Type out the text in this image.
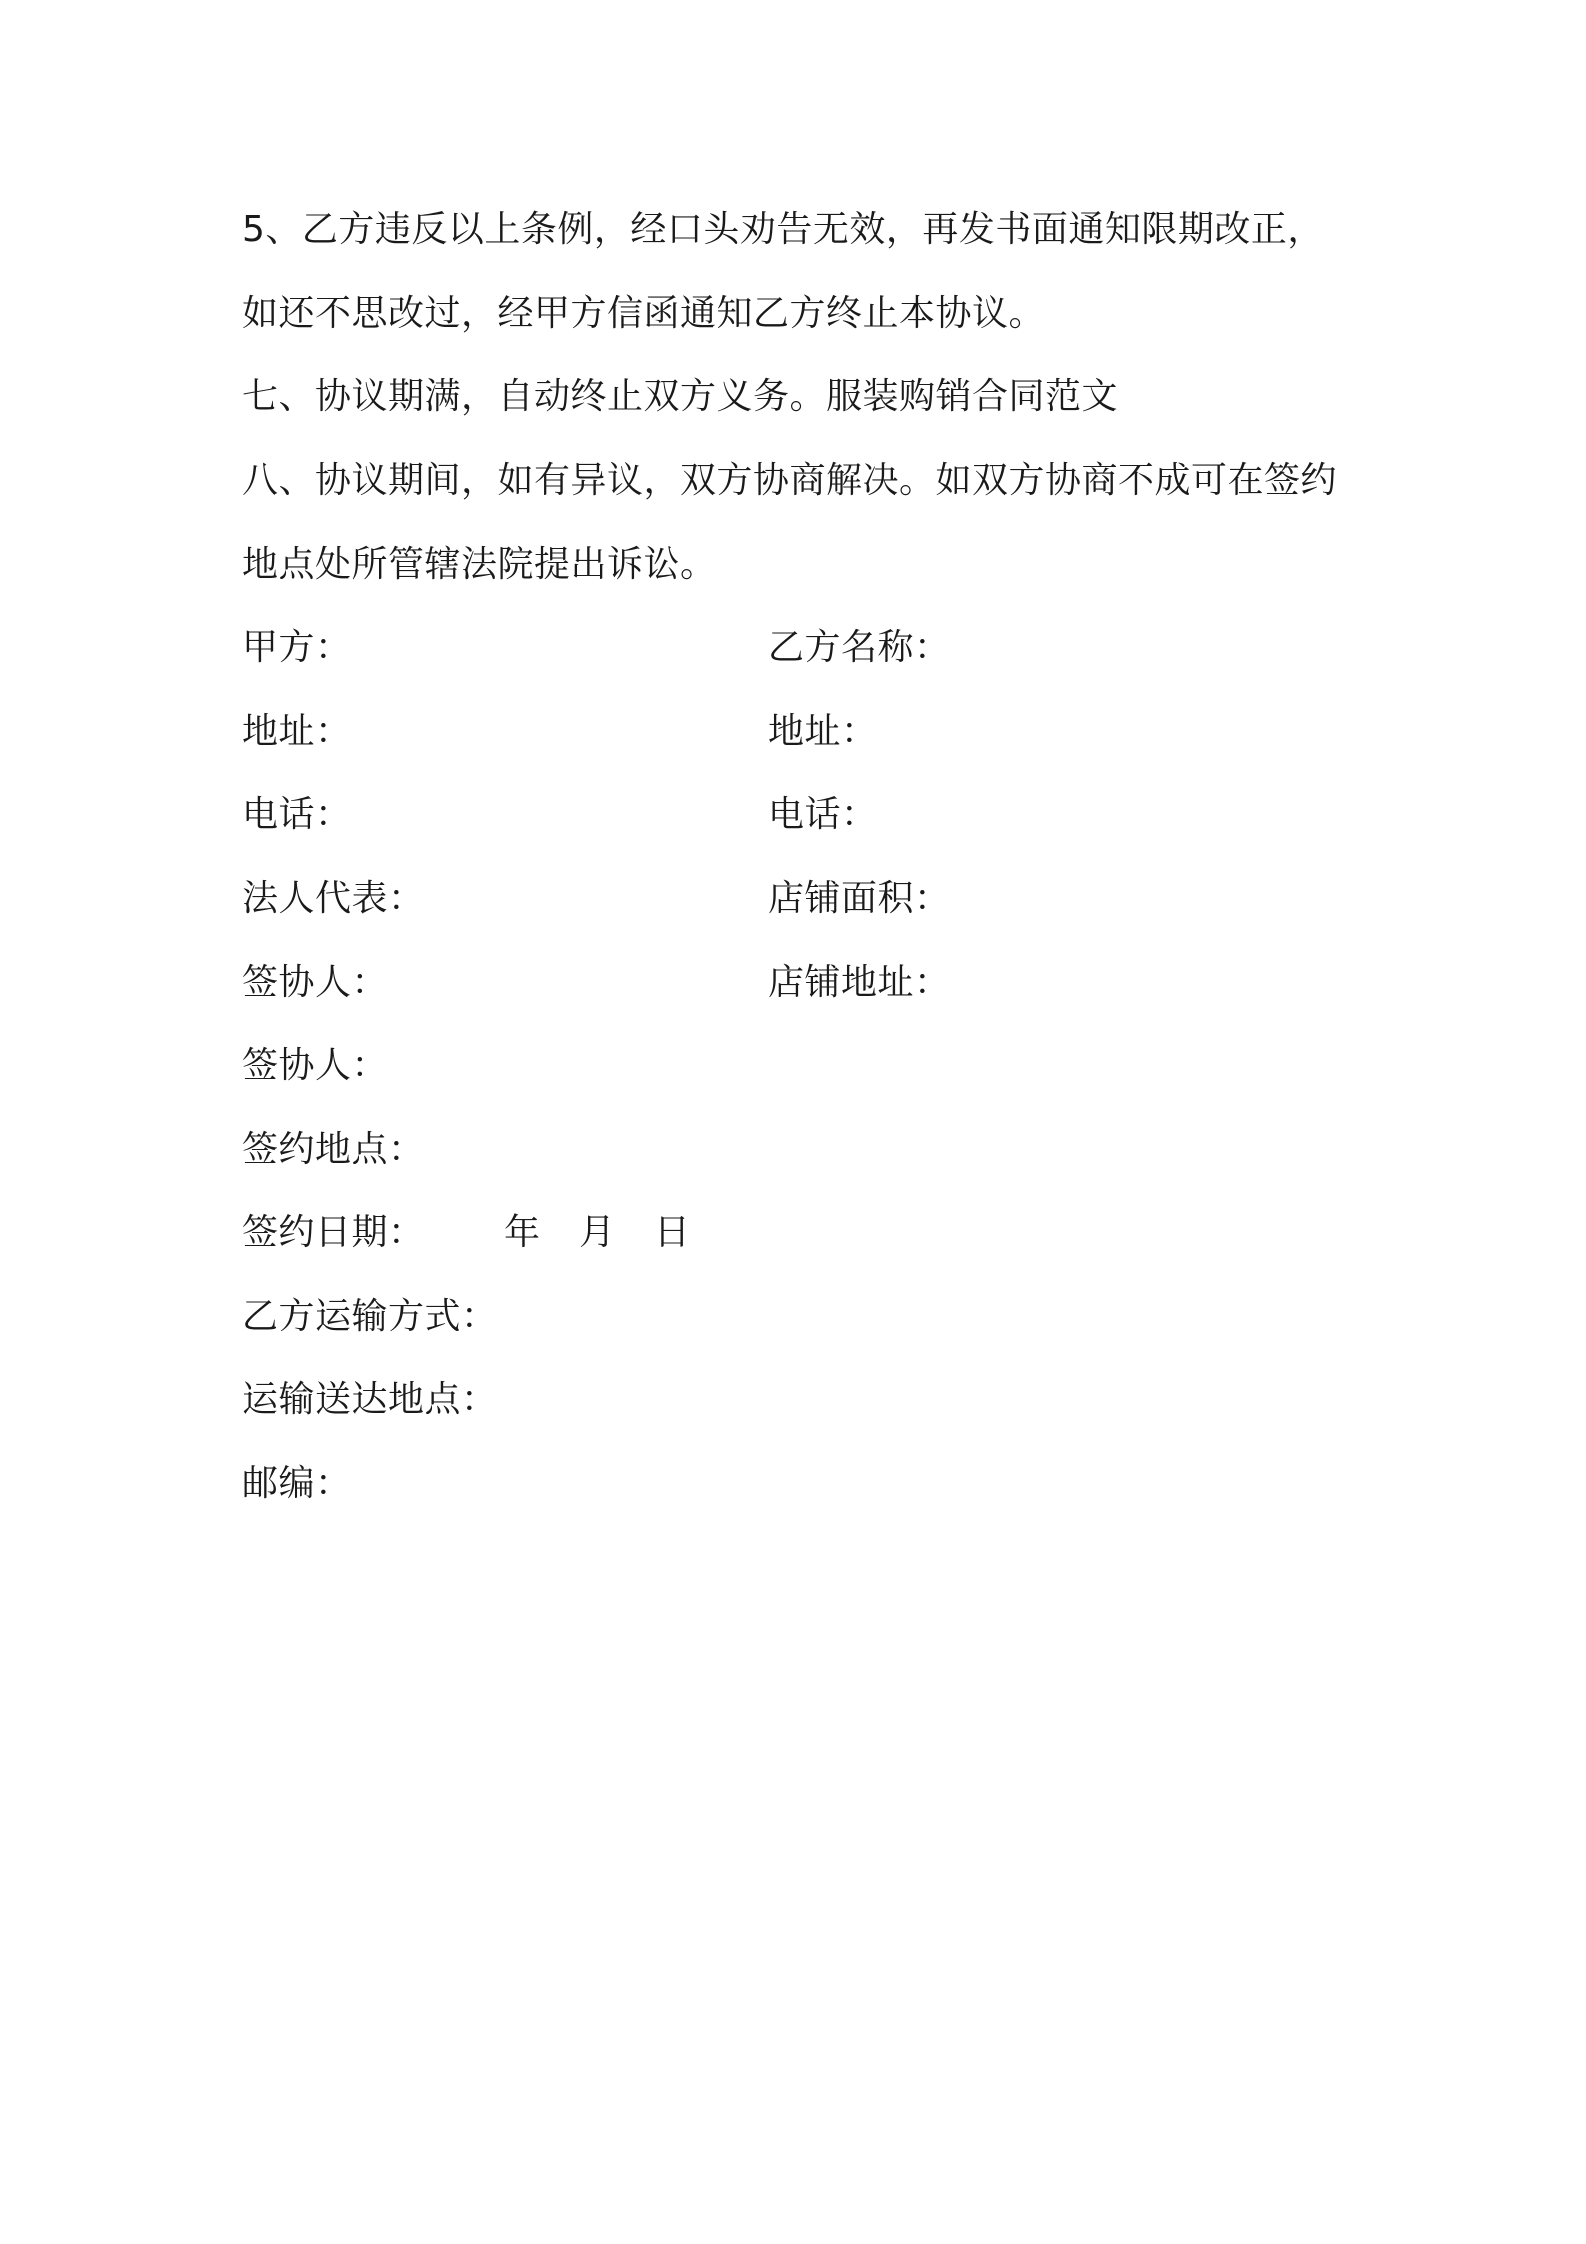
5、乙方违反以上条例，经口头劝告无效，再发书面通知限期改正，
如还不思改过，经甲方信函通知乙方终止本协议。
七、协议期满，自动终止双方义务。服装购销合同范文
八、协议期间，如有异议，双方协商解决。如双方协商不成可在签约
地点处所管辖法院提出诉讼。
甲方：	乙方名称：
地址：	地址：
电话：	电话：
法人代表：	店铺面积：
签协人：	店铺地址：
签协人：
签约地点：
签约日期： 年 月 日
乙方运输方式：
运输送达地点：
邮编：
